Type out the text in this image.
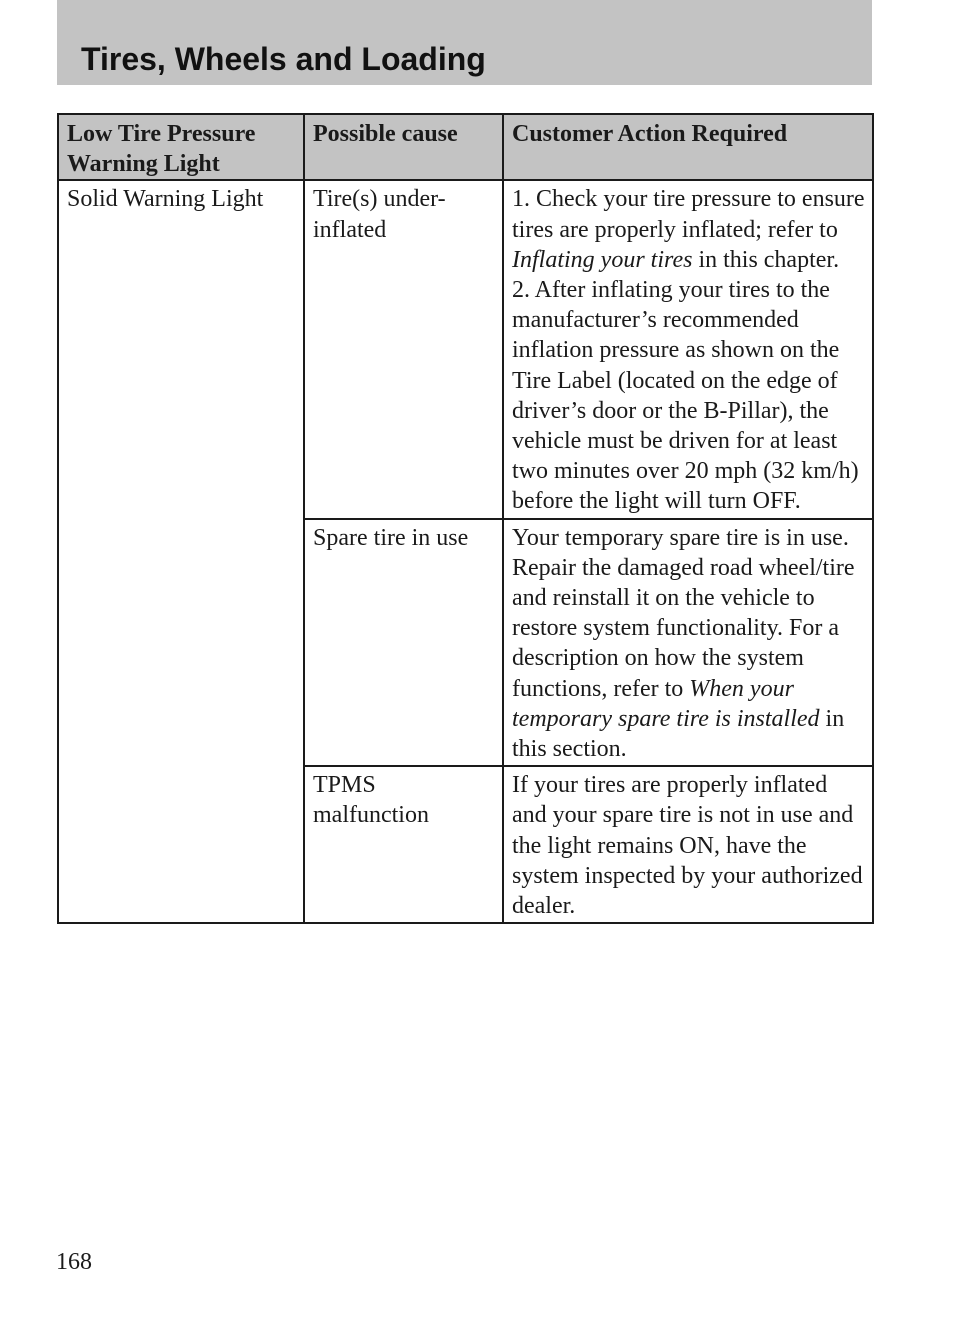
Tires, Wheels and Loading
Low Tire Pressure Warning Light	Possible cause	Customer Action Required
Solid Warning Light	Tire(s) under-inflated	1. Check your tire pressure to ensure tires are properly inflated; refer to Inflating your tires in this chapter.
2. After inflating your tires to the manufacturer’s recommended inflation pressure as shown on the Tire Label (located on the edge of driver’s door or the B-Pillar), the vehicle must be driven for at least two minutes over 20 mph (32 km/h) before the light will turn OFF.

	Spare tire in use	Your temporary spare tire is in use. Repair the damaged road wheel/tire and reinstall it on the vehicle to restore system functionality. For a description on how the system functions, refer to When your temporary spare tire is installed in this section.
	TPMS malfunction	If your tires are properly inflated and your spare tire is not in use and the light remains ON, have the system inspected by your authorized dealer.
168
